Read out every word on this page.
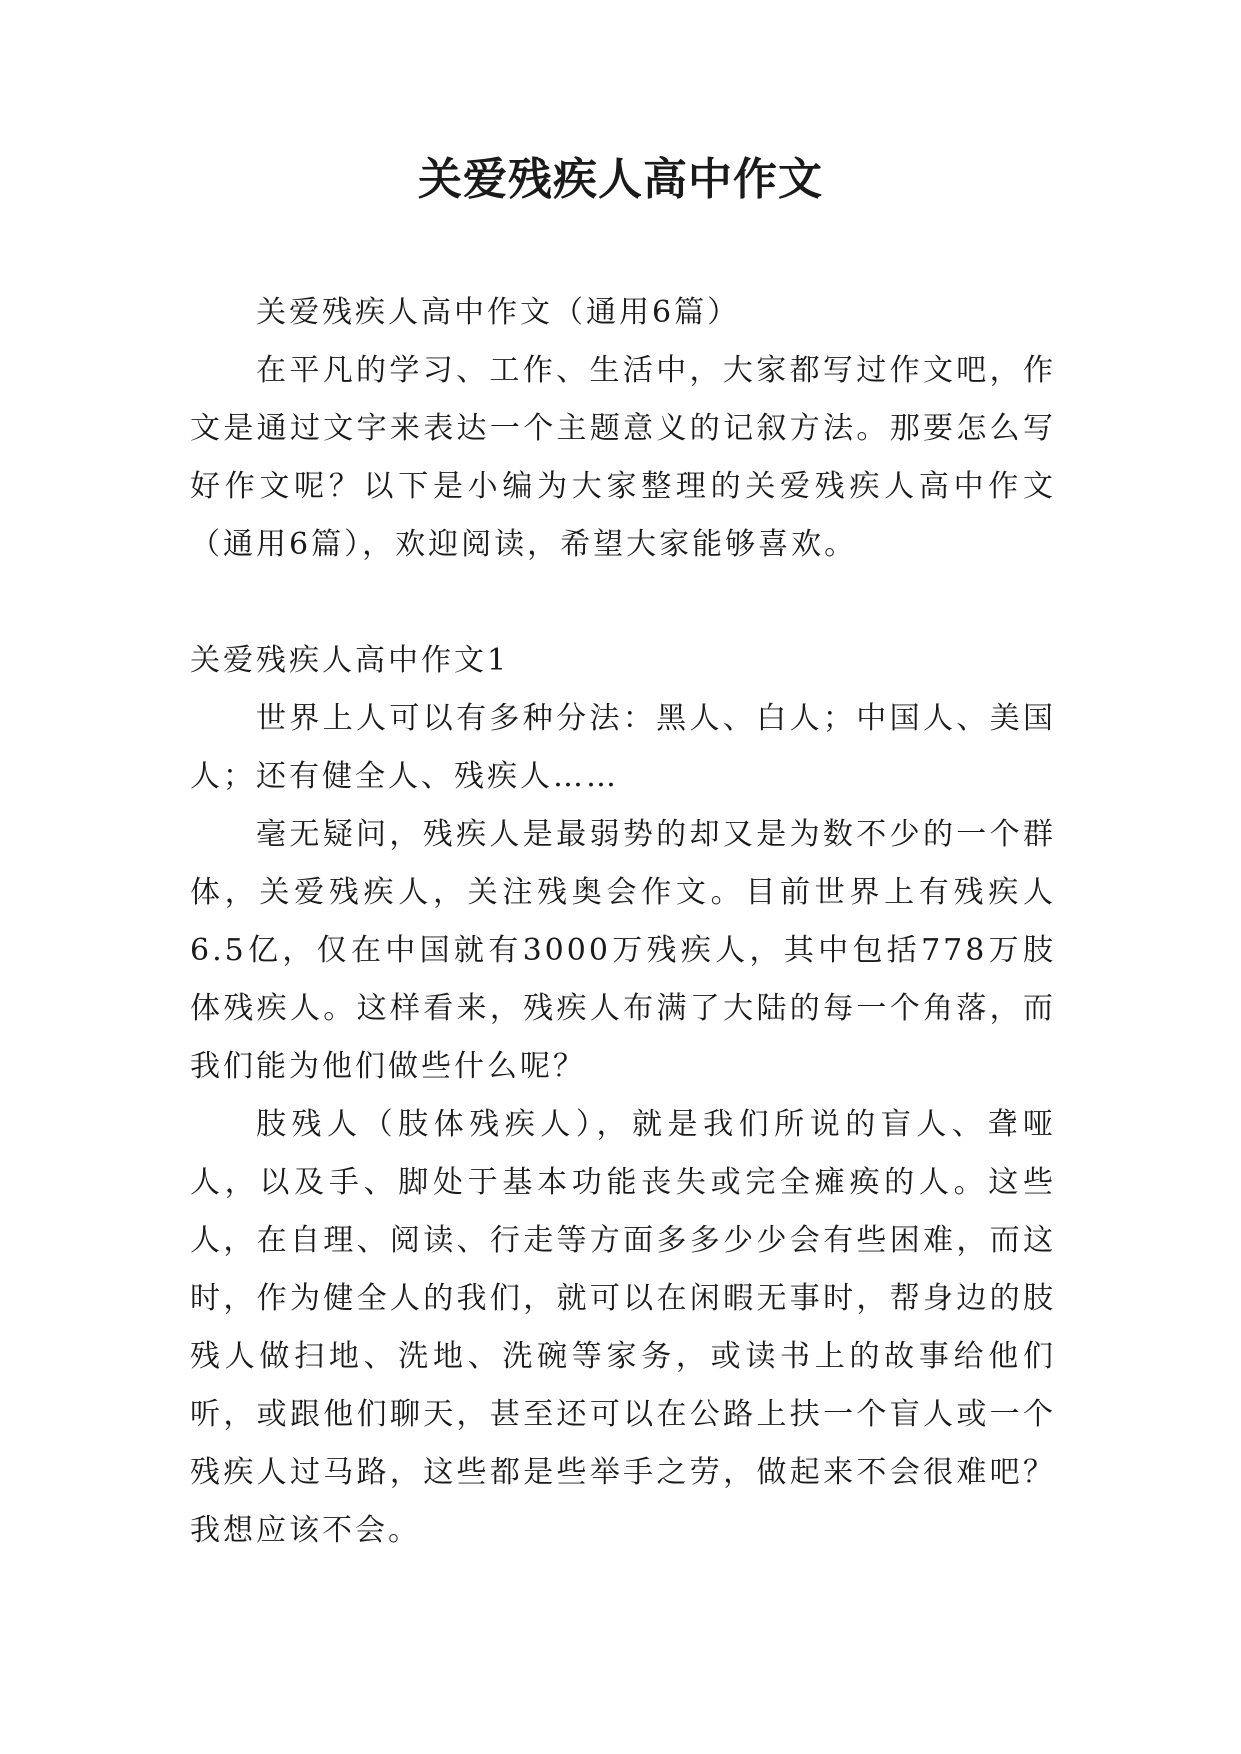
关爱残疾人高中作文

关爱残疾人高中作文（通用6篇）

在平凡的学习、工作、生活中，大家都写过作文吧，作文是通过文字来表达一个主题意义的记叙方法。那要怎么写好作文呢？以下是小编为大家整理的关爱残疾人高中作文（通用6篇），欢迎阅读，希望大家能够喜欢。

关爱残疾人高中作文1

世界上人可以有多种分法：黑人、白人；中国人、美国人；还有健全人、残疾人……

毫无疑问，残疾人是最弱势的却又是为数不少的一个群体，关爱残疾人，关注残奥会作文。目前世界上有残疾人6.5亿，仅在中国就有3000万残疾人，其中包括778万肢体残疾人。这样看来，残疾人布满了大陆的每一个角落，而我们能为他们做些什么呢？

肢残人（肢体残疾人），就是我们所说的盲人、聋哑人，以及手、脚处于基本功能丧失或完全瘫痪的人。这些人，在自理、阅读、行走等方面多多少少会有些困难，而这时，作为健全人的我们，就可以在闲暇无事时，帮身边的肢残人做扫地、洗地、洗碗等家务，或读书上的故事给他们听，或跟他们聊天，甚至还可以在公路上扶一个盲人或一个残疾人过马路，这些都是些举手之劳，做起来不会很难吧？我想应该不会。
